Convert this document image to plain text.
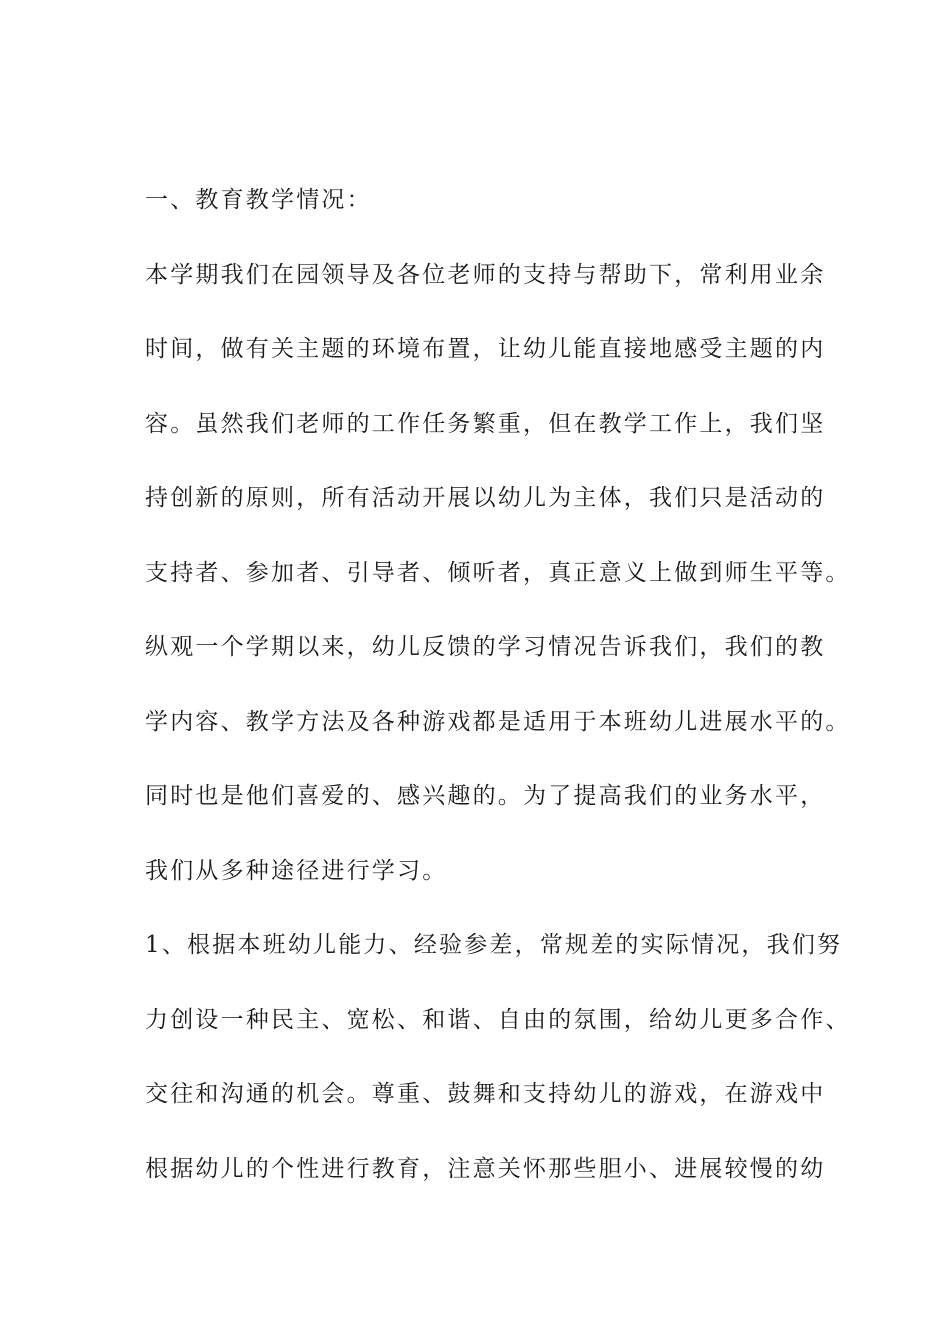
一、教育教学情况：
本学期我们在园领导及各位老师的支持与帮助下，常利用业余
时间，做有关主题的环境布置，让幼儿能直接地感受主题的内
容。虽然我们老师的工作任务繁重，但在教学工作上，我们坚
持创新的原则，所有活动开展以幼儿为主体，我们只是活动的
支持者、参加者、引导者、倾听者，真正意义上做到师生平等。
纵观一个学期以来，幼儿反馈的学习情况告诉我们，我们的教
学内容、教学方法及各种游戏都是适用于本班幼儿进展水平的。
同时也是他们喜爱的、感兴趣的。为了提高我们的业务水平，
我们从多种途径进行学习。
1、根据本班幼儿能力、经验参差，常规差的实际情况，我们努
力创设一种民主、宽松、和谐、自由的氛围，给幼儿更多合作、
交往和沟通的机会。尊重、鼓舞和支持幼儿的游戏，在游戏中
根据幼儿的个性进行教育，注意关怀那些胆小、进展较慢的幼
